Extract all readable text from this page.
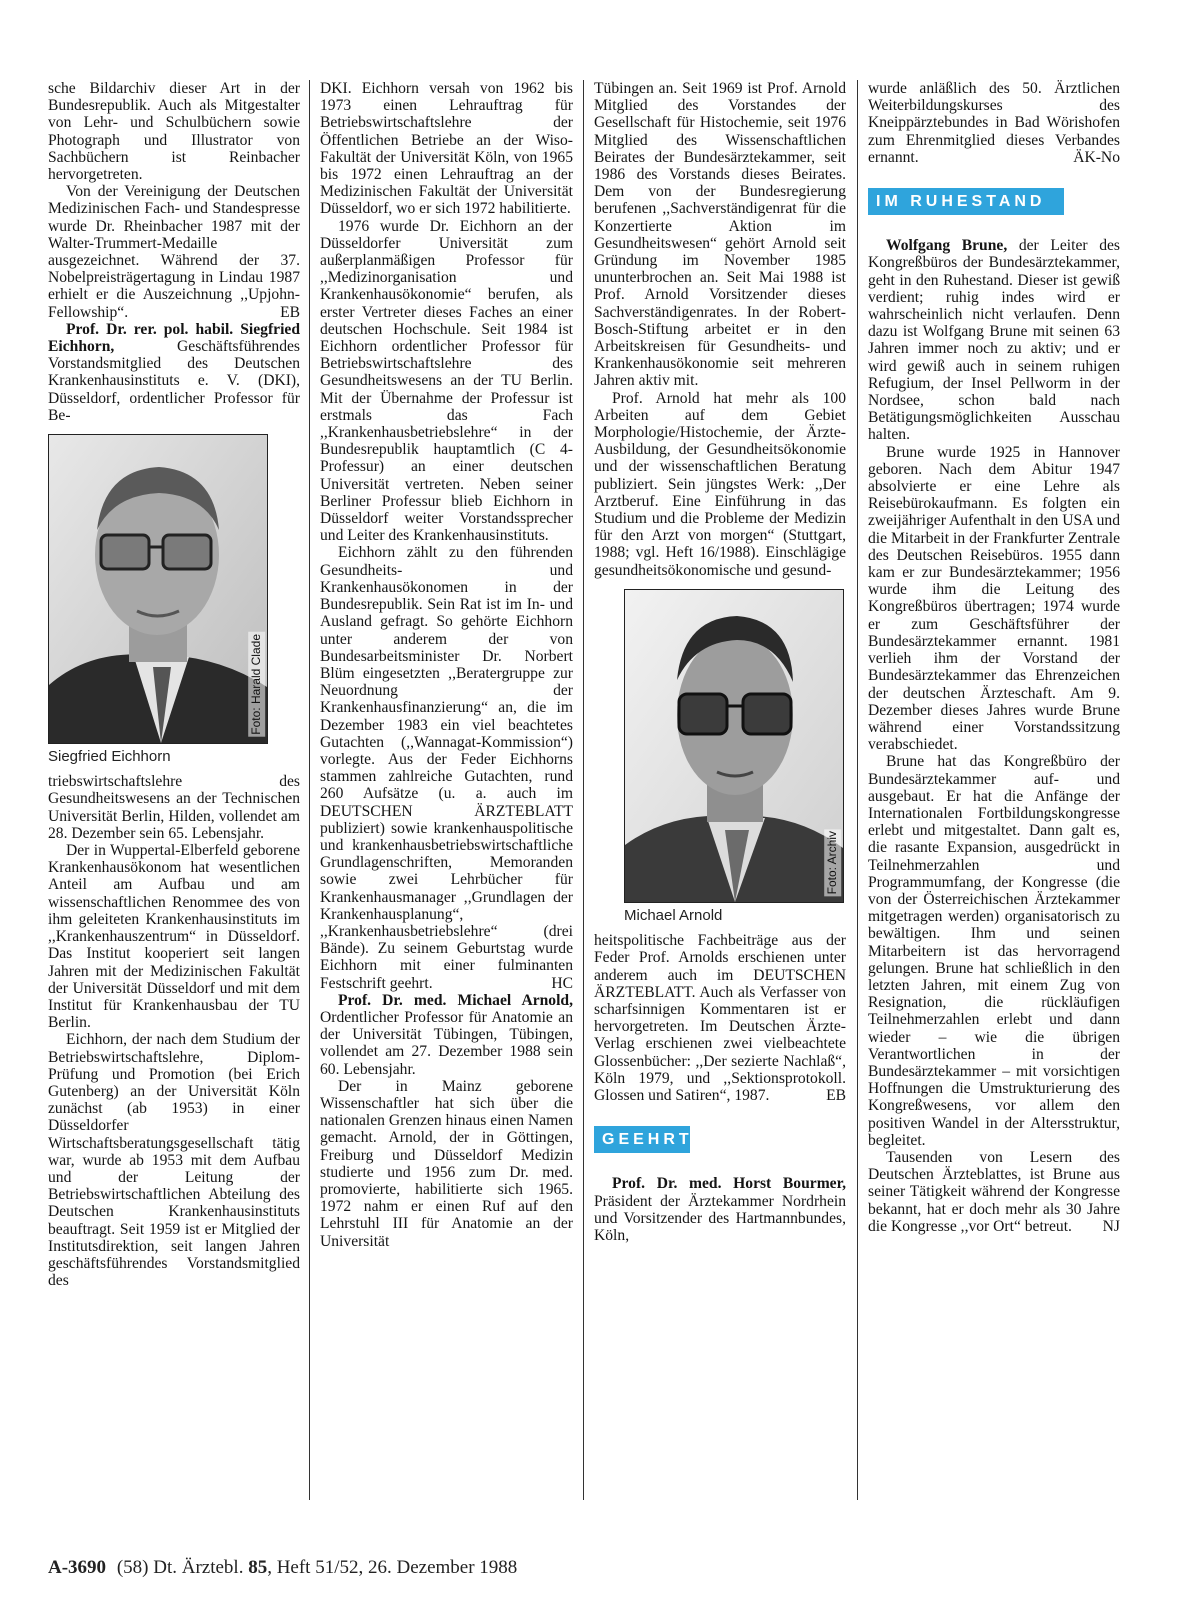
sche Bildarchiv dieser Art in der Bundesrepublik. Auch als Mitgestalter von Lehr- und Schulbüchern sowie Photograph und Illustrator von Sachbüchern ist Reinbacher hervorgetreten.

Von der Vereinigung der Deutschen Medizinischen Fach- und Standespresse wurde Dr. Rheinbacher 1987 mit der Walter-Trummert-Medaille ausgezeichnet. Während der 37. Nobelpreisträgertagung in Lindau 1987 erhielt er die Auszeichnung ,,Upjohn-Fellowship“.	EB

Prof. Dr. rer. pol. habil. Siegfried Eichhorn, Geschäftsführendes Vorstandsmitglied des Deutschen Krankenhausinstituts e. V. (DKI), Düsseldorf, ordentlicher Professor für Be-

Foto: Harald Clade
Siegfried Eichhorn

triebswirtschaftslehre des Gesundheitswesens an der Technischen Universität Berlin, Hilden, vollendet am 28. Dezember sein 65. Lebensjahr.

Der in Wuppertal-Elberfeld geborene Krankenhausökonom hat wesentlichen Anteil am Aufbau und am wissenschaftlichen Renommee des von ihm geleiteten Krankenhausinstituts im ,,Krankenhauszentrum“ in Düsseldorf. Das Institut kooperiert seit langen Jahren mit der Medizinischen Fakultät der Universität Düsseldorf und mit dem Institut für Krankenhausbau der TU Berlin.

Eichhorn, der nach dem Studium der Betriebswirtschaftslehre, Diplom-Prüfung und Promotion (bei Erich Gutenberg) an der Universität Köln zunächst (ab 1953) in einer Düsseldorfer Wirtschaftsberatungsgesellschaft tätig war, wurde ab 1953 mit dem Aufbau und der Leitung der Betriebswirtschaftlichen Abteilung des Deutschen Krankenhausinstituts beauftragt. Seit 1959 ist er Mitglied der Institutsdirektion, seit langen Jahren geschäftsführendes Vorstandsmitglied des

DKI. Eichhorn versah von 1962 bis 1973 einen Lehrauftrag für Betriebswirtschaftslehre der Öffentlichen Betriebe an der Wiso-Fakultät der Universität Köln, von 1965 bis 1972 einen Lehrauftrag an der Medizinischen Fakultät der Universität Düsseldorf, wo er sich 1972 habilitierte.

1976 wurde Dr. Eichhorn an der Düsseldorfer Universität zum außerplanmäßigen Professor für ,,Medizinorganisation und Krankenhausökonomie“ berufen, als erster Vertreter dieses Faches an einer deutschen Hochschule. Seit 1984 ist Eichhorn ordentlicher Professor für Betriebswirtschaftslehre des Gesundheitswesens an der TU Berlin. Mit der Übernahme der Professur ist erstmals das Fach ,,Krankenhausbetriebslehre“ in der Bundesrepublik hauptamtlich (C 4-Professur) an einer deutschen Universität vertreten. Neben seiner Berliner Professur blieb Eichhorn in Düsseldorf weiter Vorstandssprecher und Leiter des Krankenhausinstituts.

Eichhorn zählt zu den führenden Gesundheits- und Krankenhausökonomen in der Bundesrepublik. Sein Rat ist im In- und Ausland gefragt. So gehörte Eichhorn unter anderem der von Bundesarbeitsminister Dr. Norbert Blüm eingesetzten ,,Beratergruppe zur Neuordnung der Krankenhausfinanzierung“ an, die im Dezember 1983 ein viel beachtetes Gutachten (,,Wannagat-Kommission“) vorlegte. Aus der Feder Eichhorns stammen zahlreiche Gutachten, rund 260 Aufsätze (u. a. auch im DEUTSCHEN ÄRZTEBLATT publiziert) sowie krankenhauspolitische und krankenhausbetriebswirtschaftliche Grundlagenschriften, Memoranden sowie zwei Lehrbücher für Krankenhausmanager ,,Grundlagen der Krankenhausplanung“, ,,Krankenhausbetriebslehre“ (drei Bände). Zu seinem Geburtstag wurde Eichhorn mit einer fulminanten Festschrift geehrt.	HC

Prof. Dr. med. Michael Arnold, Ordentlicher Professor für Anatomie an der Universität Tübingen, Tübingen, vollendet am 27. Dezember 1988 sein 60. Lebensjahr.

Der in Mainz geborene Wissenschaftler hat sich über die nationalen Grenzen hinaus einen Namen gemacht. Arnold, der in Göttingen, Freiburg und Düsseldorf Medizin studierte und 1956 zum Dr. med. promovierte, habilitierte sich 1965. 1972 nahm er einen Ruf auf den Lehrstuhl III für Anatomie an der Universität

Tübingen an. Seit 1969 ist Prof. Arnold Mitglied des Vorstandes der Gesellschaft für Histochemie, seit 1976 Mitglied des Wissenschaftlichen Beirates der Bundesärztekammer, seit 1986 des Vorstands dieses Beirates. Dem von der Bundesregierung berufenen ,,Sachverständigenrat für die Konzertierte Aktion im Gesundheitswesen“ gehört Arnold seit Gründung im November 1985 ununterbrochen an. Seit Mai 1988 ist Prof. Arnold Vorsitzender dieses Sachverständigenrates. In der Robert-Bosch-Stiftung arbeitet er in den Arbeitskreisen für Gesundheits- und Krankenhausökonomie seit mehreren Jahren aktiv mit.

Prof. Arnold hat mehr als 100 Arbeiten auf dem Gebiet Morphologie/Histochemie, der Ärzte-Ausbildung, der Gesundheitsökonomie und der wissenschaftlichen Beratung publiziert. Sein jüngstes Werk: ,,Der Arztberuf. Eine Einführung in das Studium und die Probleme der Medizin für den Arzt von morgen“ (Stuttgart, 1988; vgl. Heft 16/1988). Einschlägige gesundheitsökonomische und gesund-

Foto: Archiv
Michael Arnold

heitspolitische Fachbeiträge aus der Feder Prof. Arnolds erschienen unter anderem auch im DEUTSCHEN ÄRZTEBLATT. Auch als Verfasser von scharfsinnigen Kommentaren ist er hervorgetreten. Im Deutschen Ärzte-Verlag erschienen zwei vielbeachtete Glossenbücher: ,,Der sezierte Nachlaß“, Köln 1979, und ,,Sektionsprotokoll. Glossen und Satiren“, 1987.	EB

GEEHRT

Prof. Dr. med. Horst Bourmer, Präsident der Ärztekammer Nordrhein und Vorsitzender des Hartmannbundes, Köln,

wurde anläßlich des 50. Ärztlichen Weiterbildungskurses des Kneippärztebundes in Bad Wörishofen zum Ehrenmitglied dieses Verbandes ernannt.	ÄK-No

IM RUHESTAND

Wolfgang Brune, der Leiter des Kongreßbüros der Bundesärztekammer, geht in den Ruhestand. Dieser ist gewiß verdient; ruhig indes wird er wahrscheinlich nicht verlaufen. Denn dazu ist Wolfgang Brune mit seinen 63 Jahren immer noch zu aktiv; und er wird gewiß auch in seinem ruhigen Refugium, der Insel Pellworm in der Nordsee, schon bald nach Betätigungsmöglichkeiten Ausschau halten.

Brune wurde 1925 in Hannover geboren. Nach dem Abitur 1947 absolvierte er eine Lehre als Reisebürokaufmann. Es folgten ein zweijähriger Aufenthalt in den USA und die Mitarbeit in der Frankfurter Zentrale des Deutschen Reisebüros. 1955 dann kam er zur Bundesärztekammer; 1956 wurde ihm die Leitung des Kongreßbüros übertragen; 1974 wurde er zum Geschäftsführer der Bundesärztekammer ernannt. 1981 verlieh ihm der Vorstand der Bundesärztekammer das Ehrenzeichen der deutschen Ärzteschaft. Am 9. Dezember dieses Jahres wurde Brune während einer Vorstandssitzung verabschiedet.

Brune hat das Kongreßbüro der Bundesärztekammer auf- und ausgebaut. Er hat die Anfänge der Internationalen Fortbildungskongresse erlebt und mitgestaltet. Dann galt es, die rasante Expansion, ausgedrückt in Teilnehmerzahlen und Programmumfang, der Kongresse (die von der Österreichischen Ärztekammer mitgetragen werden) organisatorisch zu bewältigen. Ihm und seinen Mitarbeitern ist das hervorragend gelungen. Brune hat schließlich in den letzten Jahren, mit einem Zug von Resignation, die rückläufigen Teilnehmerzahlen erlebt und dann wieder – wie die übrigen Verantwortlichen in der Bundesärztekammer – mit vorsichtigen Hoffnungen die Umstrukturierung des Kongreßwesens, vor allem den positiven Wandel in der Altersstruktur, begleitet.

Tausenden von Lesern des Deutschen Ärzteblattes, ist Brune aus seiner Tätigkeit während der Kongresse bekannt, hat er doch mehr als 30 Jahre die Kongresse ,,vor Ort“ betreut.	NJ

A-3690 (58) Dt. Ärztebl. 85, Heft 51/52, 26. Dezember 1988
